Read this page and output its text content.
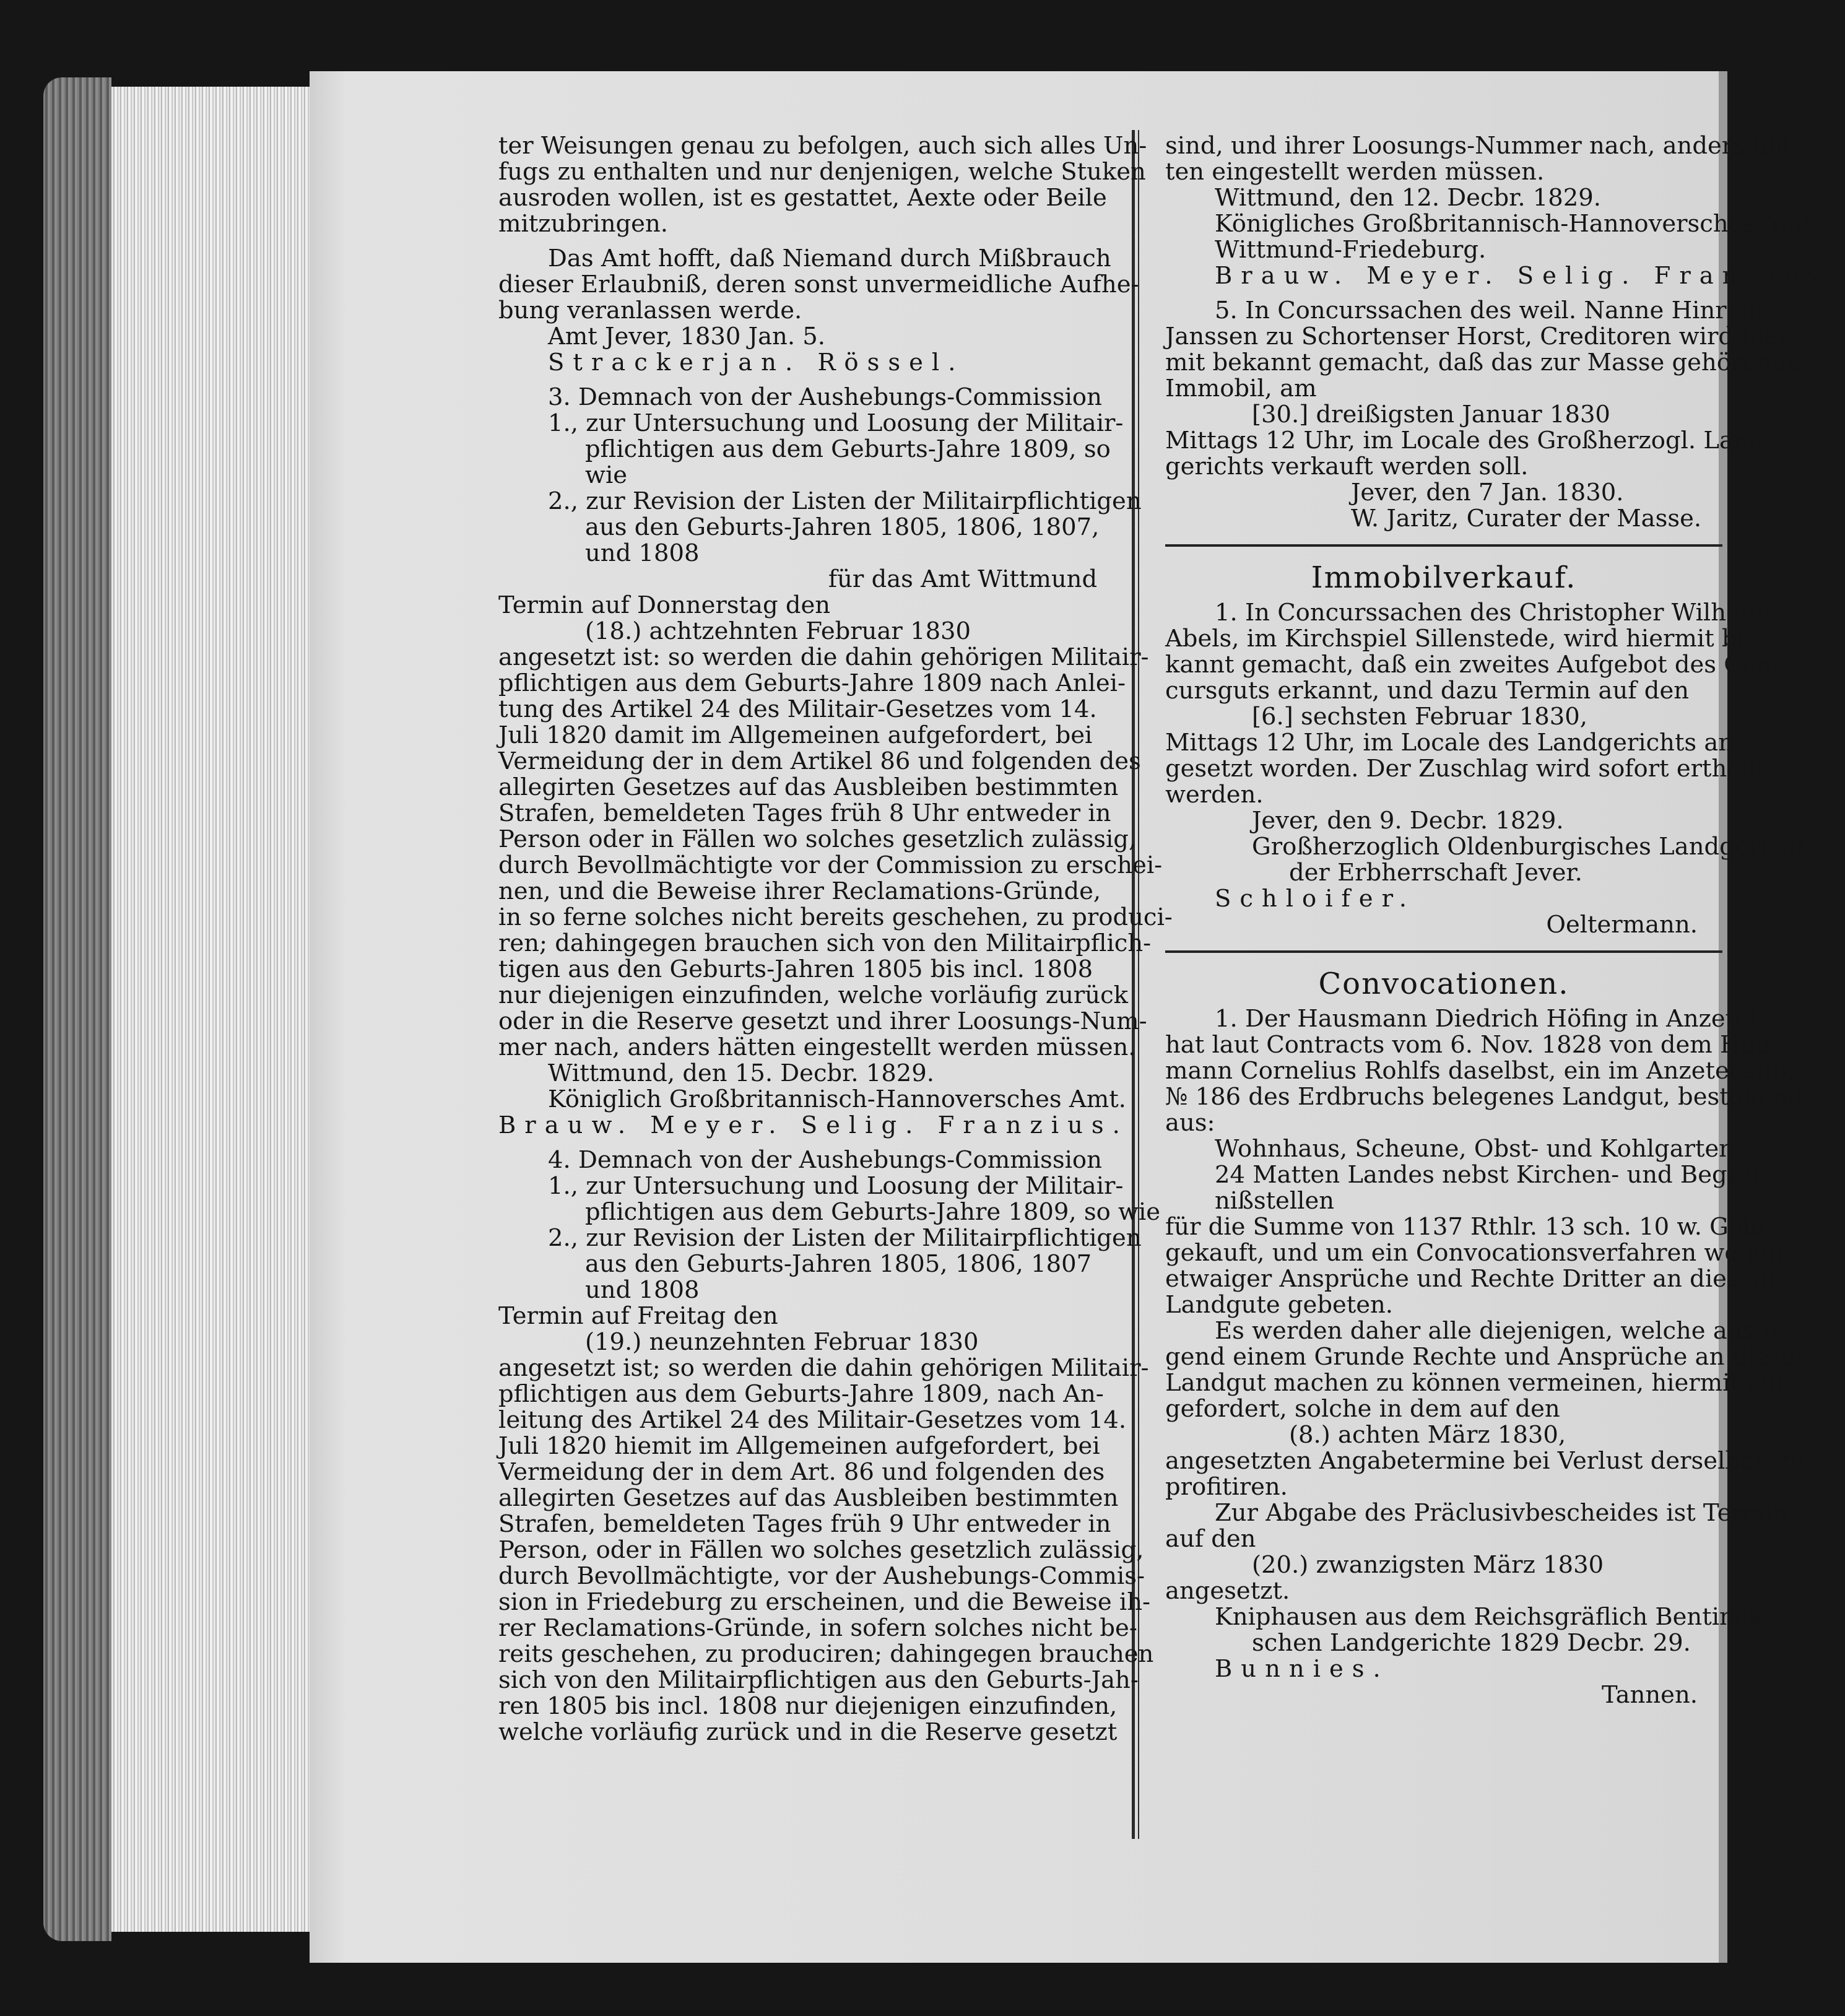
ter Weisungen genau zu befolgen, auch sich alles Un-
fugs zu enthalten und nur denjenigen, welche Stuken
ausroden wollen, ist es gestattet, Aexte oder Beile
mitzubringen.
Das Amt hofft, daß Niemand durch Mißbrauch
dieser Erlaubniß, deren sonst unvermeidliche Aufhe-
bung veranlassen werde.
Amt Jever, 1830 Jan. 5.
Strackerjan. Rössel.
3. Demnach von der Aushebungs-Commission
1., zur Untersuchung und Loosung der Militair-
pflichtigen aus dem Geburts-Jahre 1809, so
wie
2., zur Revision der Listen der Militairpflichtigen
aus den Geburts-Jahren 1805, 1806, 1807,
und 1808
für das Amt Wittmund
Termin auf Donnerstag den
(18.) achtzehnten Februar 1830
angesetzt ist: so werden die dahin gehörigen Militair-
pflichtigen aus dem Geburts-Jahre 1809 nach Anlei-
tung des Artikel 24 des Militair-Gesetzes vom 14.
Juli 1820 damit im Allgemeinen aufgefordert, bei
Vermeidung der in dem Artikel 86 und folgenden des
allegirten Gesetzes auf das Ausbleiben bestimmten
Strafen, bemeldeten Tages früh 8 Uhr entweder in
Person oder in Fällen wo solches gesetzlich zulässig,
durch Bevollmächtigte vor der Commission zu erschei-
nen, und die Beweise ihrer Reclamations-Gründe,
in so ferne solches nicht bereits geschehen, zu produci-
ren; dahingegen brauchen sich von den Militairpflich-
tigen aus den Geburts-Jahren 1805 bis incl. 1808
nur diejenigen einzufinden, welche vorläufig zurück
oder in die Reserve gesetzt und ihrer Loosungs-Num-
mer nach, anders hätten eingestellt werden müssen.
Wittmund, den 15. Decbr. 1829.
Königlich Großbritannisch-Hannoversches Amt.
Brauw. Meyer. Selig. Franzius.
4. Demnach von der Aushebungs-Commission
1., zur Untersuchung und Loosung der Militair-
pflichtigen aus dem Geburts-Jahre 1809, so wie
2., zur Revision der Listen der Militairpflichtigen
aus den Geburts-Jahren 1805, 1806, 1807
und 1808
Termin auf Freitag den
(19.) neunzehnten Februar 1830
angesetzt ist; so werden die dahin gehörigen Militair-
pflichtigen aus dem Geburts-Jahre 1809, nach An-
leitung des Artikel 24 des Militair-Gesetzes vom 14.
Juli 1820 hiemit im Allgemeinen aufgefordert, bei
Vermeidung der in dem Art. 86 und folgenden des
allegirten Gesetzes auf das Ausbleiben bestimmten
Strafen, bemeldeten Tages früh 9 Uhr entweder in
Person, oder in Fällen wo solches gesetzlich zulässig,
durch Bevollmächtigte, vor der Aushebungs-Commis-
sion in Friedeburg zu erscheinen, und die Beweise ih-
rer Reclamations-Gründe, in sofern solches nicht be-
reits geschehen, zu produciren; dahingegen brauchen
sich von den Militairpflichtigen aus den Geburts-Jah-
ren 1805 bis incl. 1808 nur diejenigen einzufinden,
welche vorläufig zurück und in die Reserve gesetzt
sind, und ihrer Loosungs-Nummer nach, anders hät-
ten eingestellt werden müssen.
Wittmund, den 12. Decbr. 1829.
Königliches Großbritannisch-Hannoversches Amt
Wittmund-Friedeburg.
Brauw. Meyer. Selig. Franzius.
5. In Concurssachen des weil. Nanne Hinrich
Janssen zu Schortenser Horst, Creditoren wird hier-
mit bekannt gemacht, daß das zur Masse gehörende
Immobil, am
[30.] dreißigsten Januar 1830
Mittags 12 Uhr, im Locale des Großherzogl. Land-
gerichts verkauft werden soll.
Jever, den 7 Jan. 1830.
W. Jaritz, Curater der Masse.
Immobilverkauf.
1. In Concurssachen des Christopher Wilhelm
Abels, im Kirchspiel Sillenstede, wird hiermit be-
kannt gemacht, daß ein zweites Aufgebot des Con-
cursguts erkannt, und dazu Termin auf den
[6.] sechsten Februar 1830,
Mittags 12 Uhr, im Locale des Landgerichts an-
gesetzt worden. Der Zuschlag wird sofort ertheilt
werden.
Jever, den 9. Decbr. 1829.
Großherzoglich Oldenburgisches Landgericht
der Erbherrschaft Jever.
Schloifer.
Oeltermann.
Convocationen.
1. Der Hausmann Diedrich Höfing in Anzetel
hat laut Contracts vom 6. Nov. 1828 von dem Haus-
mann Cornelius Rohlfs daselbst, ein im Anzetel sub.
№ 186 des Erdbruchs belegenes Landgut, bestehend
aus:
Wohnhaus, Scheune, Obst- und Kohlgarten,
24 Matten Landes nebst Kirchen- und Begräb-
nißstellen
für die Summe von 1137 Rthlr. 13 sch. 10 w. Gold
gekauft, und um ein Convocationsverfahren wegen
etwaiger Ansprüche und Rechte Dritter an diesem
Landgute gebeten.
Es werden daher alle diejenigen, welche aus ir-
gend einem Grunde Rechte und Ansprüche an dieses
Landgut machen zu können vermeinen, hiermit auf-
gefordert, solche in dem auf den
(8.) achten März 1830,
angesetzten Angabetermine bei Verlust derselben zu
profitiren.
Zur Abgabe des Präclusivbescheides ist Termin
auf den
(20.) zwanzigsten März 1830
angesetzt.
Kniphausen aus dem Reichsgräflich Bentinck-
schen Landgerichte 1829 Decbr. 29.
Bunnies.
Tannen.
